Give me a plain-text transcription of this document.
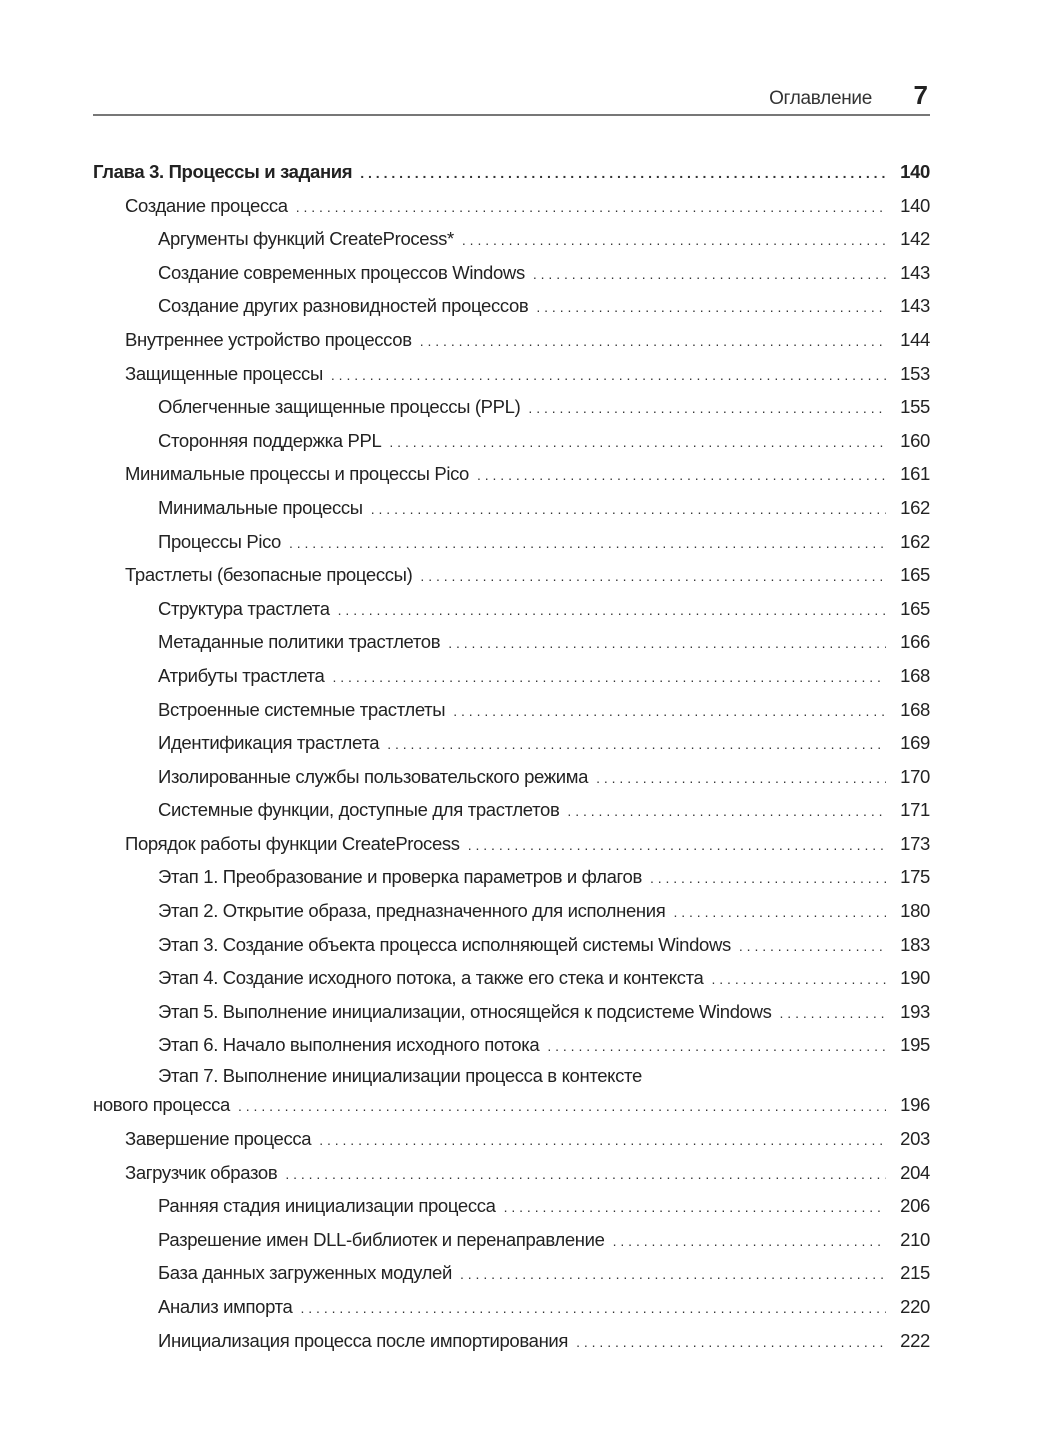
Оглавление 7
Глава 3. Процессы и задания . . .	140
Создание процесса . . .	140
Аргументы функций CreateProcess* . . .	142
Создание современных процессов Windows . . .	143
Создание других разновидностей процессов . . .	143
Внутреннее устройство процессов . . .	144
Защищенные процессы . . .	153
Облегченные защищенные процессы (PPL) . . .	155
Сторонняя поддержка PPL . . .	160
Минимальные процессы и процессы Pico . . .	161
Минимальные процессы . . .	162
Процессы Pico . . .	162
Трастлеты (безопасные процессы) . . .	165
Структура трастлета . . .	165
Метаданные политики трастлетов . . .	166
Атрибуты трастлета . . .	168
Встроенные системные трастлеты . . .	168
Идентификация трастлета . . .	169
Изолированные службы пользовательского режима . . .	170
Системные функции, доступные для трастлетов . . .	171
Порядок работы функции CreateProcess . . .	173
Этап 1. Преобразование и проверка параметров и флагов . . .	175
Этап 2. Открытие образа, предназначенного для исполнения . . .	180
Этап 3. Создание объекта процесса исполняющей системы Windows . . .	183
Этап 4. Создание исходного потока, а также его стека и контекста . . .	190
Этап 5. Выполнение инициализации, относящейся к подсистеме Windows . . .	193
Этап 6. Начало выполнения исходного потока . . .	195
Этап 7. Выполнение инициализации процесса в контексте
нового процесса . . .	196
Завершение процесса . . .	203
Загрузчик образов . . .	204
Ранняя стадия инициализации процесса . . .	206
Разрешение имен DLL-библиотек и перенаправление . . .	210
База данных загруженных модулей . . .	215
Анализ импорта . . .	220
Инициализация процесса после импортирования . . .	222
